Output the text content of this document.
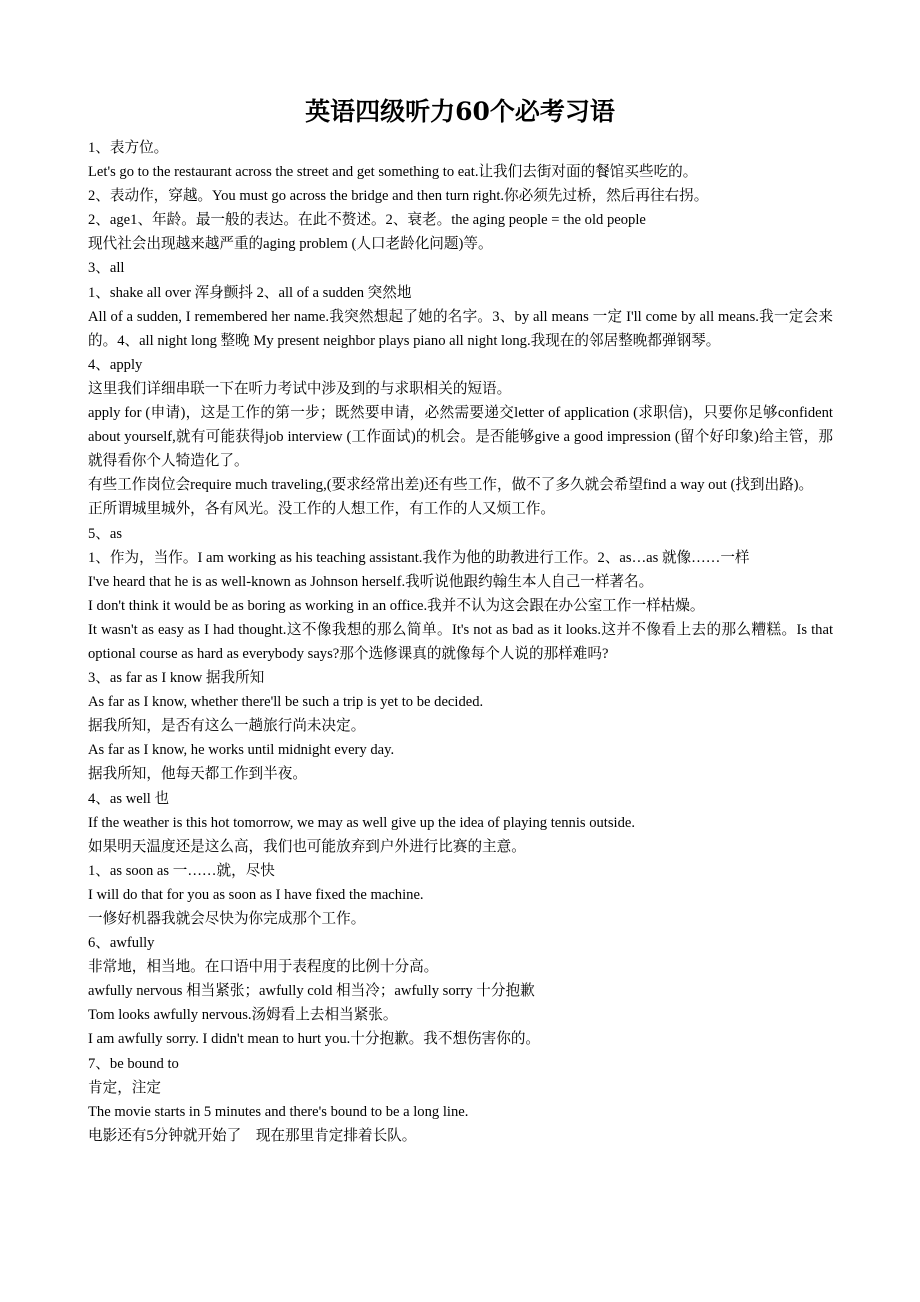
英语四级听力60个必考习语

1、表方位。

Let's go to the restaurant across the street and get something to eat.让我们去街对面的餐馆买些吃的。

2、表动作，穿越。You must go across the bridge and then turn right.你必须先过桥，然后再往右拐。

2、age1、年龄。最一般的表达。在此不赘述。2、衰老。the aging people = the old people

现代社会出现越来越严重的aging problem (人口老龄化问题)等。

3、all

1、shake all over 浑身颤抖 2、all of a sudden 突然地

All of a sudden, I remembered her name.我突然想起了她的名字。3、by all means 一定 I'll come by all means.我一定会来的。4、all night long 整晚 My present neighbor plays piano all night long.我现在的邻居整晚都弹钢琴。

4、apply

这里我们详细串联一下在听力考试中涉及到的与求职相关的短语。

apply for (申请)，这是工作的第一步；既然要申请，必然需要递交letter of application (求职信)，只要你足够confident about yourself,就有可能获得job interview (工作面试)的机会。是否能够give a good impression (留个好印象)给主管，那就得看你个人犄造化了。

有些工作岗位会require much traveling,(要求经常出差)还有些工作，做不了多久就会希望find a way out (找到出路)。

正所谓城里城外，各有风光。没工作的人想工作，有工作的人又烦工作。

5、as

1、作为，当作。I am working as his teaching assistant.我作为他的助教进行工作。2、as…as 就像……一样

I've heard that he is as well-known as Johnson herself.我听说他跟约翰生本人自己一样著名。

I don't think it would be as boring as working in an office.我并不认为这会跟在办公室工作一样枯燥。

It wasn't as easy as I had thought.这不像我想的那么简单。It's not as bad as it looks.这并不像看上去的那么糟糕。Is that optional course as hard as everybody says?那个选修课真的就像每个人说的那样难吗?

3、as far as I know 据我所知

As far as I know, whether there'll be such a trip is yet to be decided.

据我所知，是否有这么一趟旅行尚未决定。

As far as I know, he works until midnight every day.

据我所知，他每天都工作到半夜。

4、as well 也

If the weather is this hot tomorrow, we may as well give up the idea of playing tennis outside.

如果明天温度还是这么高，我们也可能放弃到户外进行比赛的主意。

1、as soon as 一……就，尽快

I will do that for you as soon as I have fixed the machine.

一修好机器我就会尽快为你完成那个工作。

6、awfully

非常地，相当地。在口语中用于表程度的比例十分高。

awfully nervous 相当紧张；awfully cold 相当冷；awfully sorry 十分抱歉

Tom looks awfully nervous.汤姆看上去相当紧张。

I am awfully sorry. I didn't mean to hurt you.十分抱歉。我不想伤害你的。

7、be bound to

肯定，注定

The movie starts in 5 minutes and there's bound to be a long line.

电影还有5分钟就开始了　现在那里肯定排着长队。
